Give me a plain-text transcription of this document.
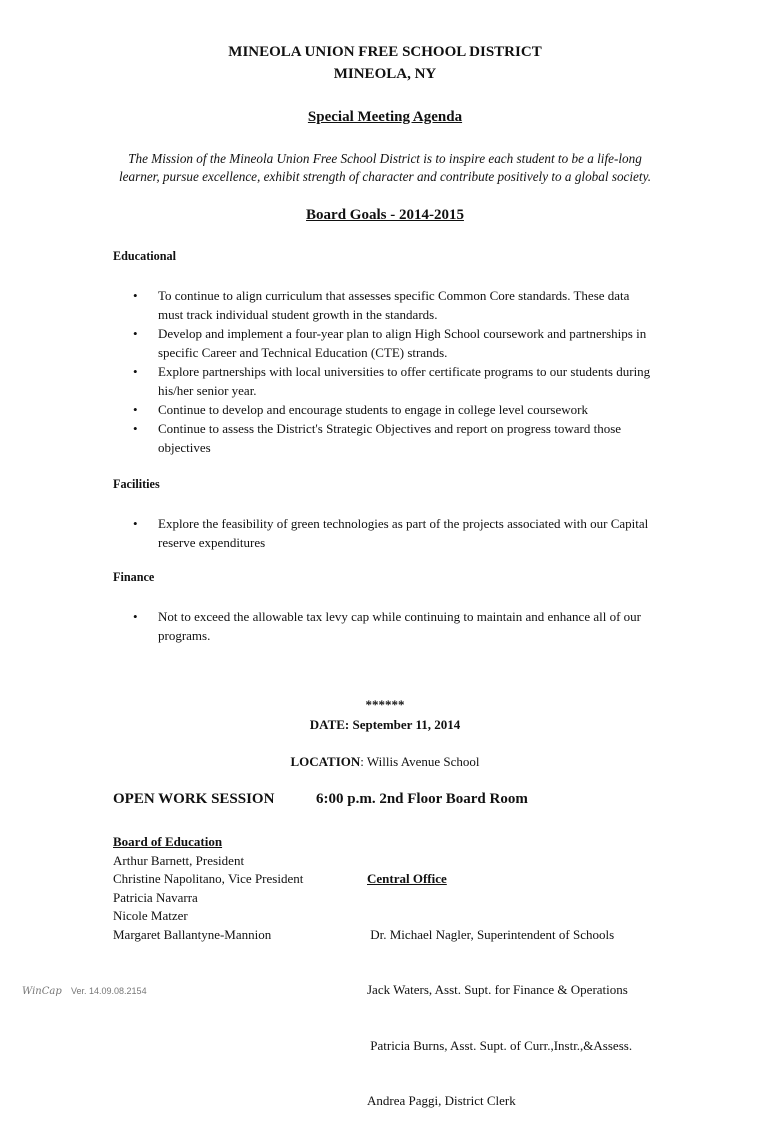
MINEOLA UNION FREE SCHOOL DISTRICT
MINEOLA, NY
Special Meeting Agenda
The Mission of the Mineola Union Free School District is to inspire each student to be a life-long
learner, pursue excellence, exhibit strength of character and contribute positively to a global society.
Board Goals - 2014-2015
Educational
• To continue to align curriculum that assesses specific Common Core standards. These data
must track individual student growth in the standards.
• Develop and implement a four-year plan to align High School coursework and partnerships in
specific Career and Technical Education (CTE) strands.
• Explore partnerships with local universities to offer certificate programs to our students during
his/her senior year.
• Continue to develop and encourage students to engage in college level coursework
• Continue to assess the District's Strategic Objectives and report on progress toward those
objectives
Facilities
• Explore the feasibility of green technologies as part of the projects associated with our Capital
reserve expenditures
Finance
• Not to exceed the allowable tax levy cap while continuing to maintain and enhance all of our
programs.
******
DATE: September 11, 2014
LOCATION: Willis Avenue School
OPEN WORK SESSION	6:00 p.m. 2nd Floor Board Room
Board of Education
Arthur Barnett, President
Christine Napolitano, Vice President
Patricia Navarra
Nicole Matzer
Margaret Ballantyne-Mannion

Central Office

Dr. Michael Nagler, Superintendent of Schools

Jack Waters, Asst. Supt. for Finance & Operations

Patricia Burns, Asst. Supt. of Curr.,Instr.,&Assess.

Andrea Paggi, District Clerk

WinCap Ver. 14.09.08.2154
